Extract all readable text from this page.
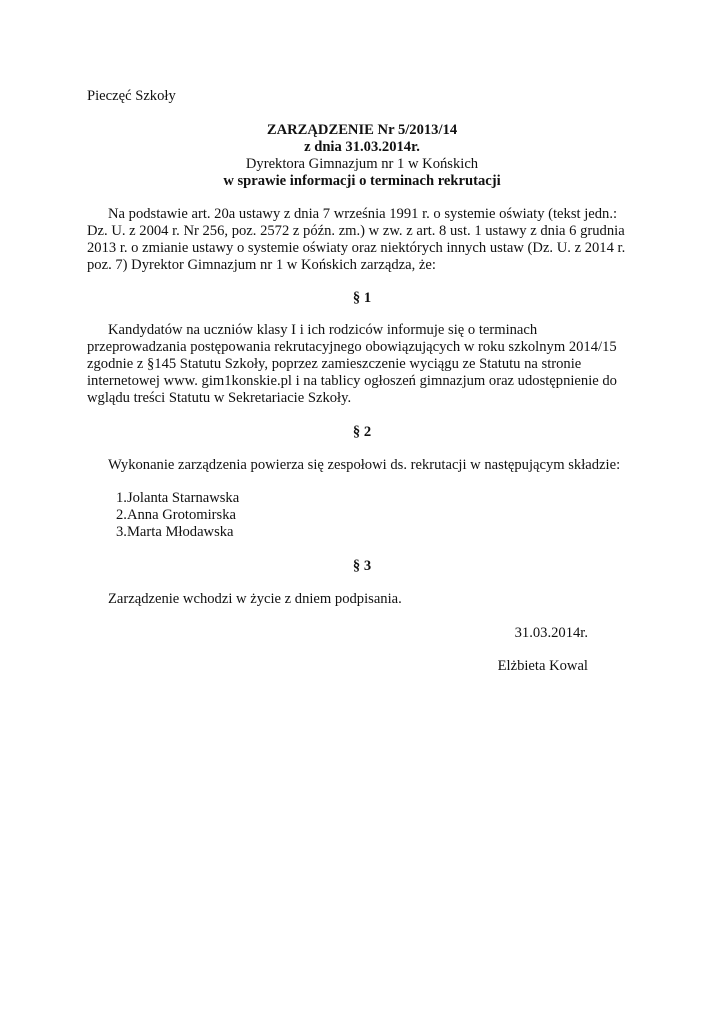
Pieczęć Szkoły

ZARZĄDZENIE Nr 5/2013/14
z dnia 31.03.2014r.
Dyrektora Gimnazjum nr 1 w Końskich
w sprawie informacji o terminach rekrutacji
Na podstawie art. 20a ustawy z dnia 7 września 1991 r. o systemie oświaty (tekst jedn.:
Dz. U. z 2004 r. Nr 256, poz. 2572 z późn. zm.) w zw. z art. 8 ust. 1 ustawy z dnia 6 grudnia
2013 r. o zmianie ustawy o systemie oświaty oraz niektórych innych ustaw (Dz. U. z 2014 r.
poz. 7) Dyrektor Gimnazjum nr 1 w Końskich zarządza, że:
§ 1
Kandydatów na uczniów klasy I i ich rodziców informuje się o terminach
przeprowadzania postępowania rekrutacyjnego obowiązujących w roku szkolnym 2014/15
zgodnie z §145 Statutu Szkoły, poprzez zamieszczenie wyciągu ze Statutu na stronie
internetowej www. gim1konskie.pl i na tablicy ogłoszeń gimnazjum oraz udostępnienie do
wglądu treści Statutu w Sekretariacie Szkoły.
§ 2
Wykonanie zarządzenia powierza się zespołowi ds. rekrutacji w następującym składzie:
1.Jolanta Starnawska
2.Anna Grotomirska
3.Marta Młodawska
§ 3
Zarządzenie wchodzi w życie z dniem podpisania.

31.03.2014r.

Elżbieta Kowal
